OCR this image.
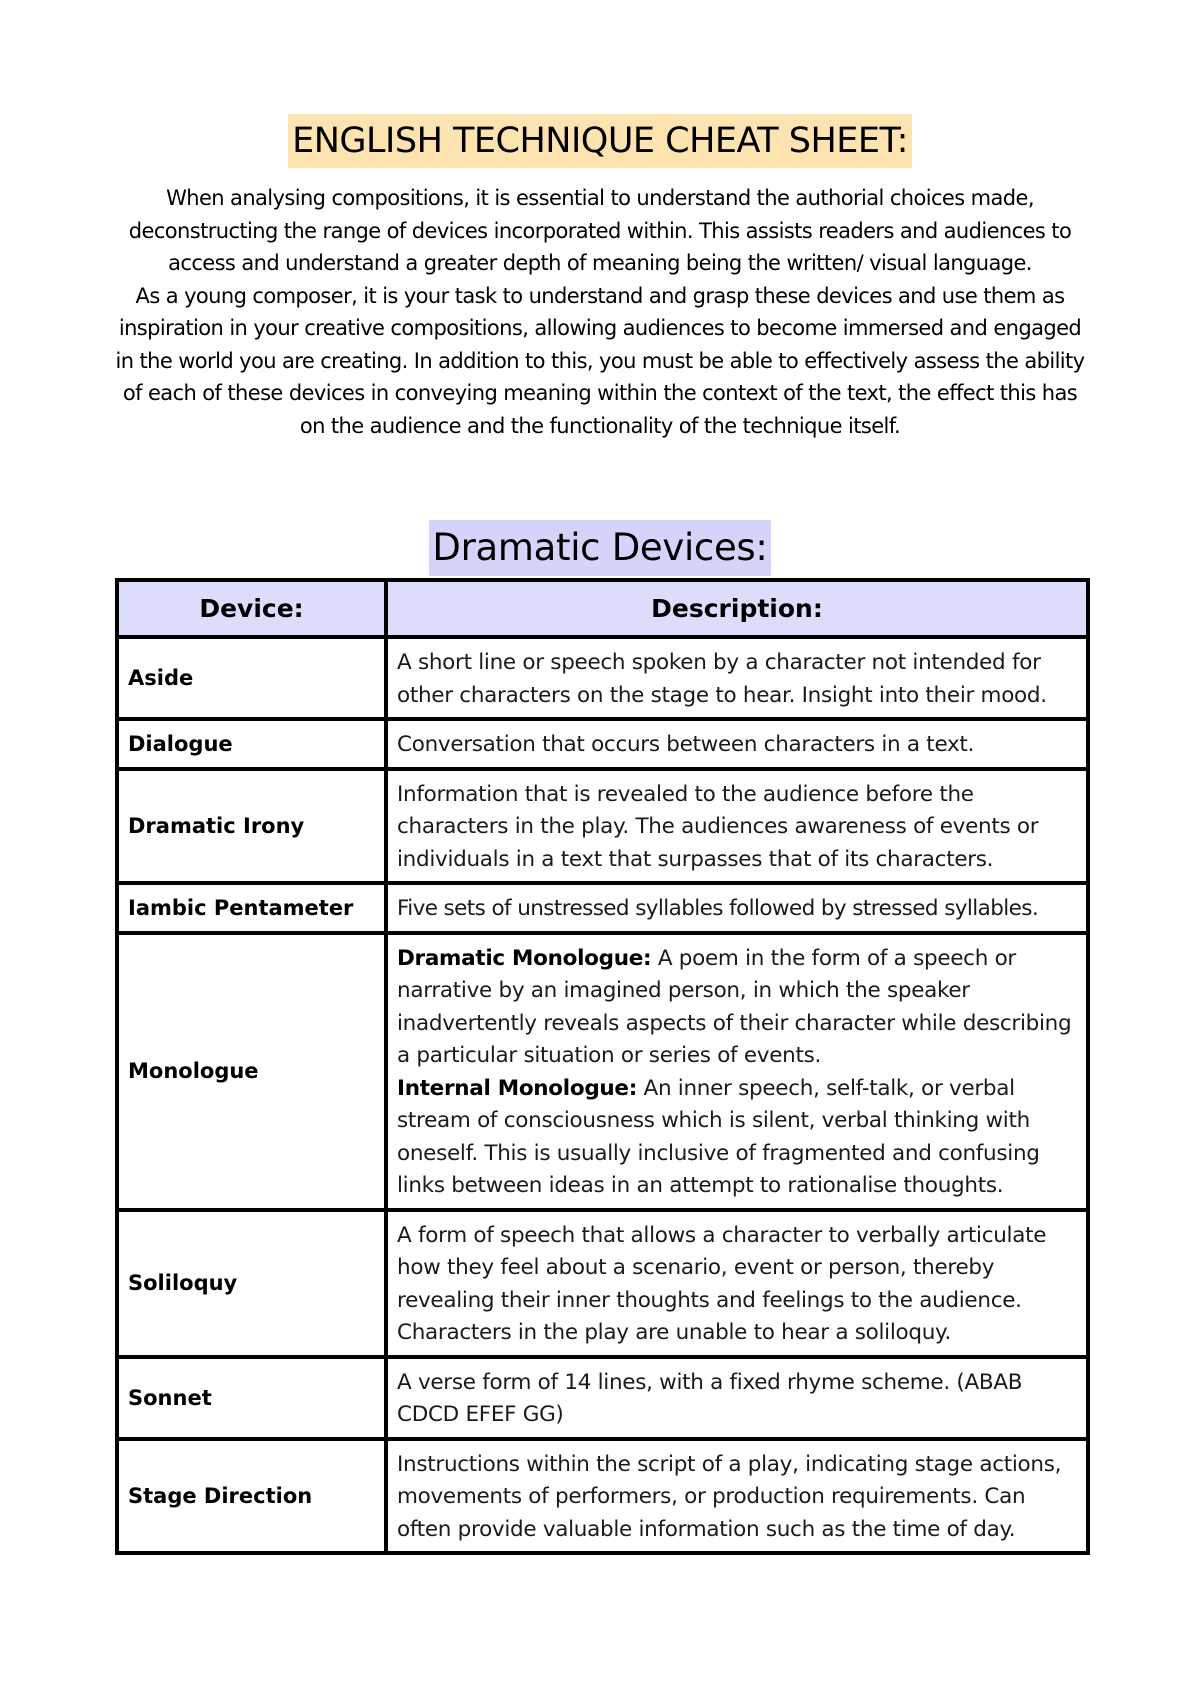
ENGLISH TECHNIQUE CHEAT SHEET:

When analysing compositions, it is essential to understand the authorial choices made, deconstructing the range of devices incorporated within. This assists readers and audiences to access and understand a greater depth of meaning being the written/ visual language.

As a young composer, it is your task to understand and grasp these devices and use them as inspiration in your creative compositions, allowing audiences to become immersed and engaged in the world you are creating. In addition to this, you must be able to effectively assess the ability of each of these devices in conveying meaning within the context of the text, the effect this has on the audience and the functionality of the technique itself.

Dramatic Devices:
Device:	Description:
Aside	A short line or speech spoken by a character not intended for other characters on the stage to hear. Insight into their mood.
Dialogue	Conversation that occurs between characters in a text.
Dramatic Irony	Information that is revealed to the audience before the characters in the play. The audiences awareness of events or individuals in a text that surpasses that of its characters.
Iambic Pentameter	Five sets of unstressed syllables followed by stressed syllables.
Monologue	Dramatic Monologue: A poem in the form of a speech or narrative by an imagined person, in which the speaker inadvertently reveals aspects of their character while describing a particular situation or series of events.
Internal Monologue: An inner speech, self-talk, or verbal stream of consciousness which is silent, verbal thinking with oneself. This is usually inclusive of fragmented and confusing links between ideas in an attempt to rationalise thoughts.
Soliloquy	A form of speech that allows a character to verbally articulate how they feel about a scenario, event or person, thereby revealing their inner thoughts and feelings to the audience. Characters in the play are unable to hear a soliloquy.
Sonnet	A verse form of 14 lines, with a fixed rhyme scheme. (ABAB CDCD EFEF GG)
Stage Direction	Instructions within the script of a play, indicating stage actions, movements of performers, or production requirements. Can often provide valuable information such as the time of day.
